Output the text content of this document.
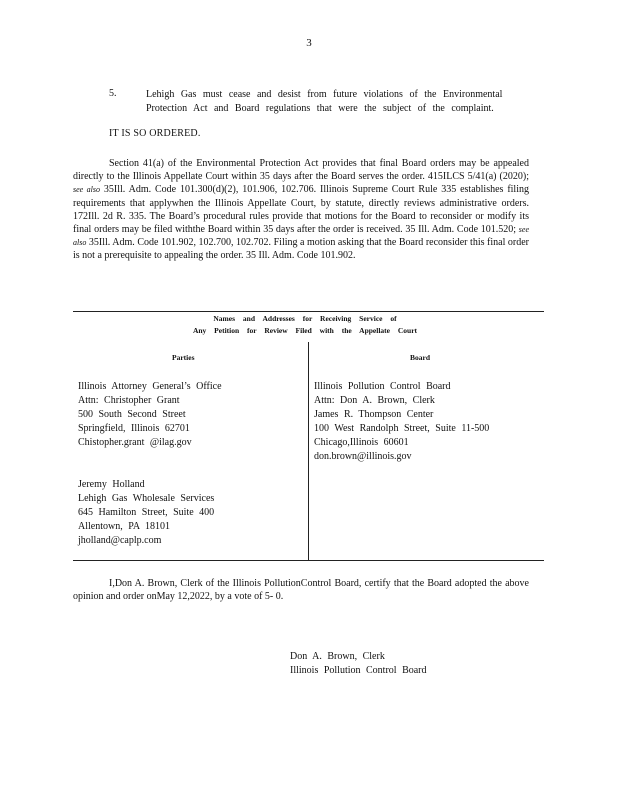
3
5.	Lehigh Gas must cease and desist from future violations of the Environmental Protection Act and Board regulations that were the subject of the complaint.
IT IS SO ORDERED.
Section 41(a) of the Environmental Protection Act provides that final Board orders may be appealed directly to the Illinois Appellate Court within 35 days after the Board serves the order. 415ILCS 5/41(a) (2020); see also 35Ill. Adm. Code 101.300(d)(2), 101.906, 102.706. Illinois Supreme Court Rule 335 establishes filing requirements that applywhen the Illinois Appellate Court, by statute, directly reviews administrative orders. 172Ill. 2d R. 335. The Board’s procedural rules provide that motions for the Board to reconsider or modify its final orders may be filed withthe Board within 35 days after the order is received. 35 Ill. Adm. Code 101.520; see also 35Ill. Adm. Code 101.902, 102.700, 102.702. Filing a motion asking that the Board reconsider this final order is not a prerequisite to appealing the order. 35 Ill. Adm. Code 101.902.
Names and Addresses for Receiving Service of
Any Petition for Review Filed with the Appellate Court
Parties	Board
Illinois Attorney General’s Office
Attn: Christopher Grant
500 South Second Street
Springfield, Illinois 62701
Chistopher.grant @ilag.gov
Jeremy Holland
Lehigh Gas Wholesale Services
645 Hamilton Street, Suite 400
Allentown, PA 18101
jholland@caplp.com
Illinois Pollution Control Board
Attn: Don A. Brown, Clerk
James R. Thompson Center
100 West Randolph Street, Suite 11-500
Chicago,Illinois 60601
don.brown@illinois.gov
I,Don A. Brown, Clerk of the Illinois PollutionControl Board, certify that the Board adopted the above opinion and order onMay 12,2022, by a vote of 5- 0.
Don A. Brown, Clerk
Illinois Pollution Control Board
